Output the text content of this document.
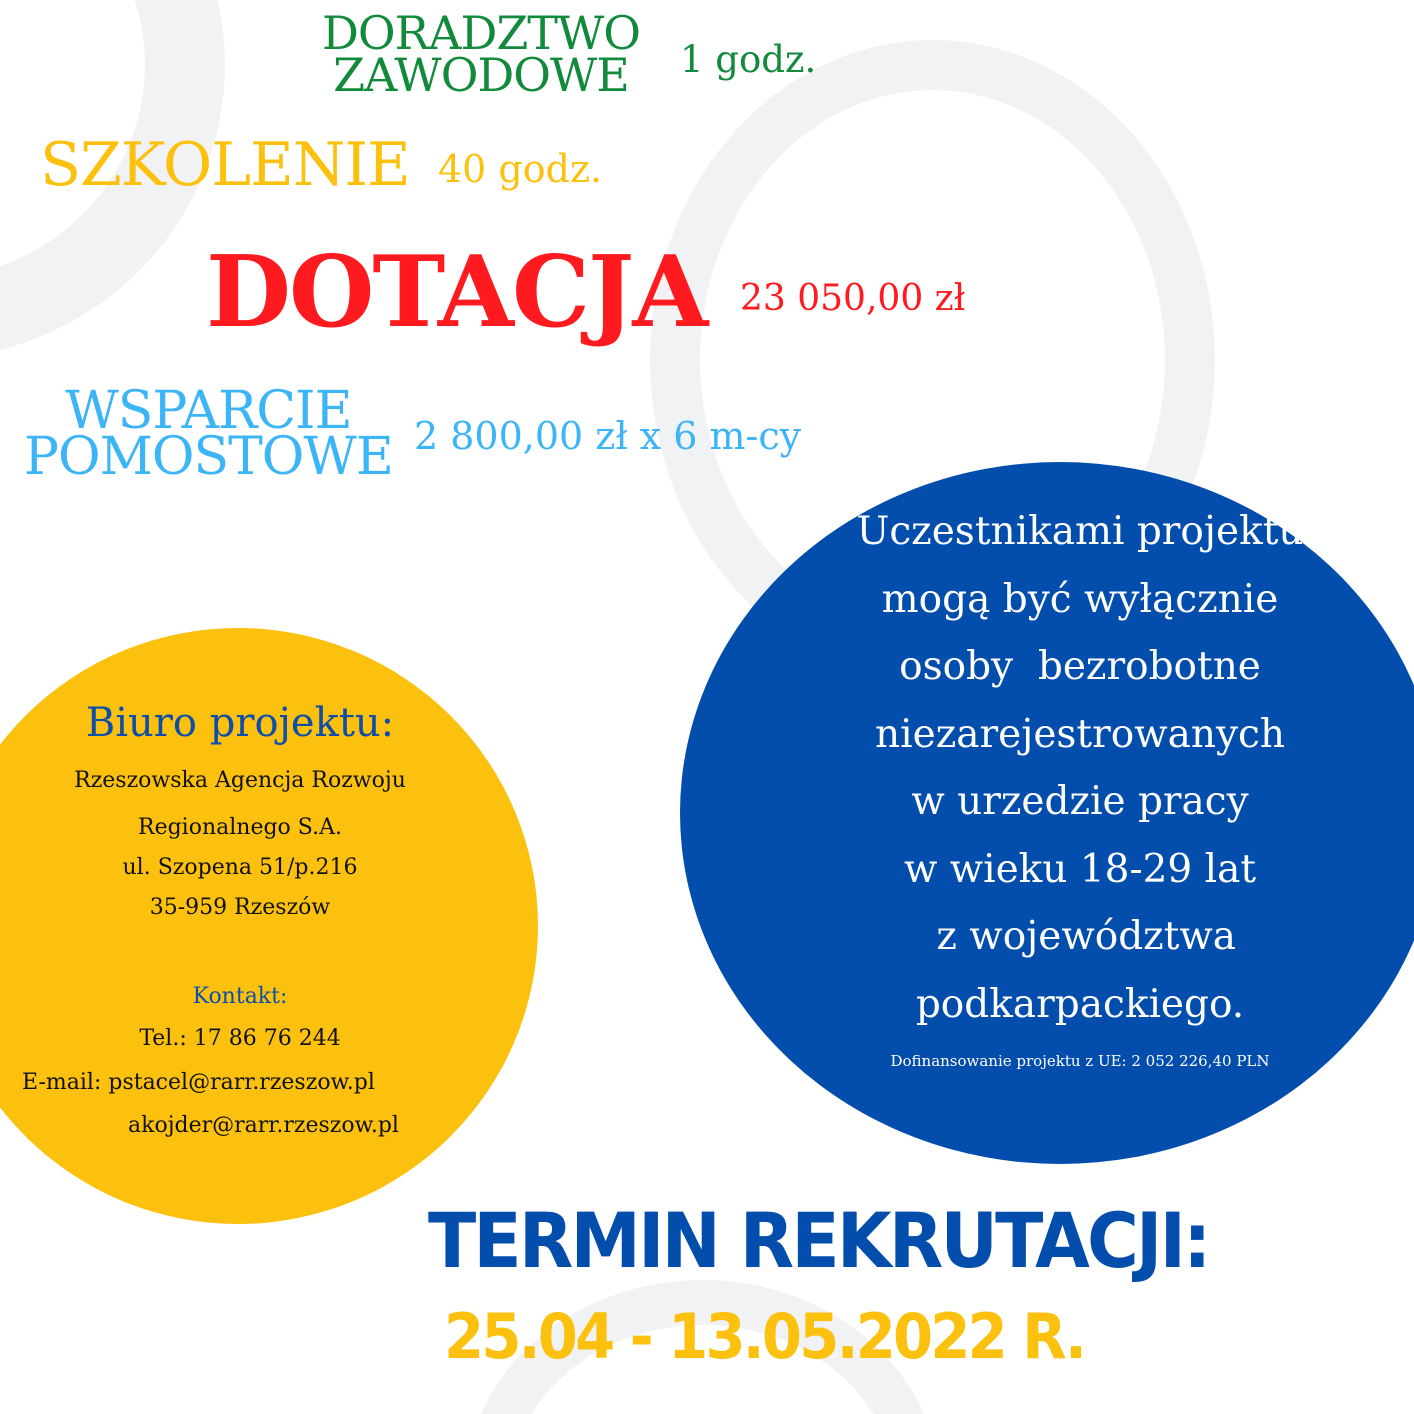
DORADZTWO
ZAWODOWE	1 godz.
SZKOLENIE 40 godz.
DOTACJA 23 050,00 zł
WSPARCIE
POMOSTOWE 2 800,00 zł x 6 m-cy
Biuro projektu:
Rzeszowska Agencja Rozwoju
Regionalnego S.A.
ul. Szopena 51/p.216
35-959 Rzeszów
Kontakt:
Tel.: 17 86 76 244
E-mail: pstacel@rarr.rzeszow.pl
akojder@rarr.rzeszow.pl
Uczestnikami projektu
mogą być wyłącznie
osoby  bezrobotne
niezarejestrowanych
w urzedzie pracy
w wieku 18-29 lat
z województwa
podkarpackiego.
Dofinansowanie projektu z UE: 2 052 226,40 PLN
TERMIN REKRUTACJI:
25.04 - 13.05.2022 R.
